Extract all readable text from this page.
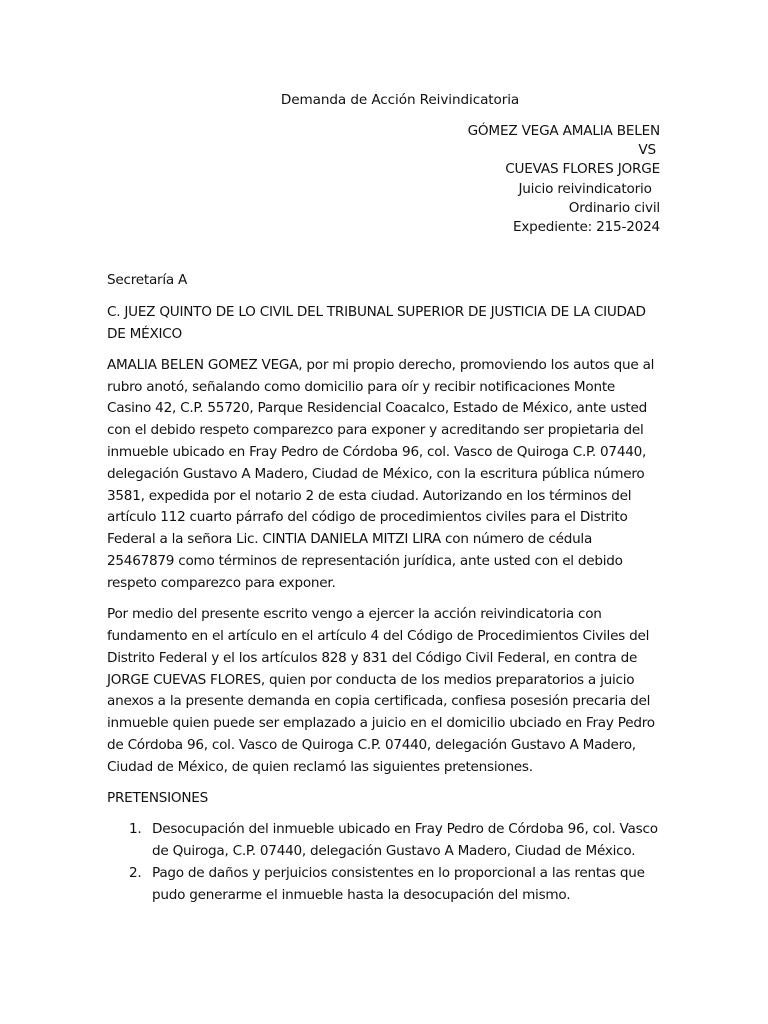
Demanda de Acción Reivindicatoria
GÓMEZ VEGA AMALIA BELEN
VS
CUEVAS FLORES JORGE
Juicio reivindicatorio
Ordinario civil
Expediente: 215-2024

Secretaría A

C. JUEZ QUINTO DE LO CIVIL DEL TRIBUNAL SUPERIOR DE JUSTICIA DE LA CIUDAD DE MÉXICO

AMALIA BELEN GOMEZ VEGA, por mi propio derecho, promoviendo los autos que al rubro anotó, señalando como domicilio para oír y recibir notificaciones Monte Casino 42, C.P. 55720, Parque Residencial Coacalco, Estado de México, ante usted con el debido respeto comparezco para exponer y acreditando ser propietaria del inmueble ubicado en Fray Pedro de Córdoba 96, col. Vasco de Quiroga C.P. 07440, delegación Gustavo A Madero, Ciudad de México, con la escritura pública número 3581, expedida por el notario 2 de esta ciudad. Autorizando en los términos del artículo 112 cuarto párrafo del código de procedimientos civiles para el Distrito Federal a la señora Lic. CINTIA DANIELA MITZI LIRA con número de cédula 25467879 como términos de representación jurídica, ante usted con el debido respeto comparezco para exponer.

Por medio del presente escrito vengo a ejercer la acción reivindicatoria con fundamento en el artículo en el artículo 4 del Código de Procedimientos Civiles del Distrito Federal y el los artículos 828 y 831 del Código Civil Federal, en contra de JORGE CUEVAS FLORES, quien por conducta de los medios preparatorios a juicio anexos a la presente demanda en copia certificada, confiesa posesión precaria del inmueble quien puede ser emplazado a juicio en el domicilio ubciado en Fray Pedro de Córdoba 96, col. Vasco de Quiroga C.P. 07440, delegación Gustavo A Madero, Ciudad de México, de quien reclamó las siguientes pretensiones.

PRETENSIONES

1. Desocupación del inmueble ubicado en Fray Pedro de Córdoba 96, col. Vasco de Quiroga, C.P. 07440, delegación Gustavo A Madero, Ciudad de México.
2. Pago de daños y perjuicios consistentes en lo proporcional a las rentas que pudo generarme el inmueble hasta la desocupación del mismo.
